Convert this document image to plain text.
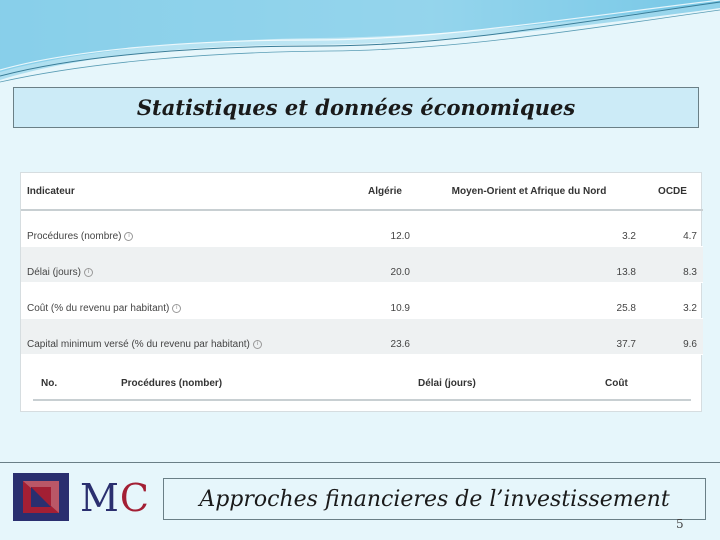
Statistiques et données économiques
Indicateur	Algérie	Moyen-Orient et Afrique du Nord	OCDE
Procédures (nombre) i	12.0	3.2	4.7
Délai (jours) i	20.0	13.8	8.3
Coût (% du revenu par habitant) i	10.9	25.8	3.2
Capital minimum versé (% du revenu par habitant) i	23.6	37.7	9.6
No.	Procédures (nomber)	Délai (jours)	Coût
MC Approches financieres de l’investissement
5
